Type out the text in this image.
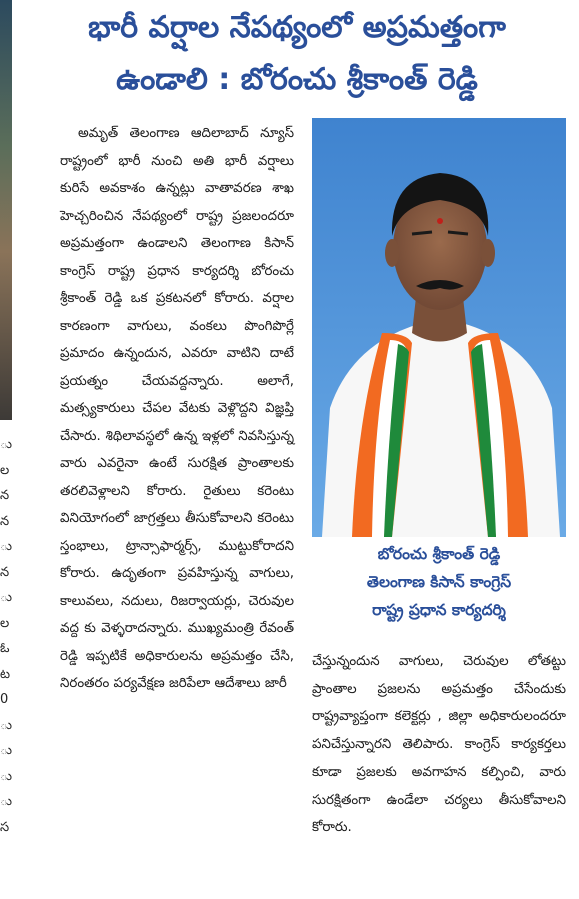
ు
ల
న
న
ు
న
ు
ల
ఓ
ట
0
ు
ు
ు
ు
స
భారీ వర్షాల నేపథ్యంలో అప్రమత్తంగా
ఉండాలి : బోరంచు శ్రీకాంత్ రెడ్డి

అమృత్ తెలంగాణ ఆదిలాబాద్ న్యూస్ రాష్ట్రంలో భారీ నుంచి అతి భారీ వర్షాలు కురిసే అవకాశం ఉన్నట్లు వాతావరణ శాఖ హెచ్చరించిన నేపథ్యంలో రాష్ట్ర ప్రజలందరూ అప్రమత్తంగా ఉండాలని తెలంగాణ కిసాన్ కాంగ్రెస్ రాష్ట్ర ప్రధాన కార్యదర్శి బోరంచు శ్రీకాంత్ రెడ్డి ఒక ప్రకటనలో కోరారు. వర్షాల కారణంగా వాగులు, వంకలు పొంగిపొర్లే ప్రమాదం ఉన్నందున, ఎవరూ వాటిని దాటే ప్రయత్నం చేయవద్దన్నారు. అలాగే, మత్స్యకారులు చేపల వేటకు వెళ్లొద్దని విజ్ఞప్తి చేసారు. శిథిలావస్థలో ఉన్న ఇళ్లలో నివసిస్తున్న వారు ఎవరైనా ఉంటే సురక్షిత ప్రాంతాలకు తరలివెళ్లాలని కోరారు. రైతులు కరెంటు వినియోగంలో జాగ్రత్తలు తీసుకోవాలని కరెంటు స్తంభాలు, ట్రాన్సాఫార్మర్స్, ముట్టుకోరాదని కోరారు. ఉదృతంగా ప్రవహిస్తున్న వాగులు, కాలువలు, నదులు, రిజర్వాయర్లు, చెరువుల వద్ద కు వెళ్ళరాదన్నారు. ముఖ్యమంత్రి రేవంత్ రెడ్డి ఇప్పటికే అధికారులను అప్రమత్తం చేసి, నిరంతరం పర్యవేక్షణ జరిపేలా ఆదేశాలు జారీ

బోరంచు శ్రీకాంత్ రెడ్డి
తెలంగాణ కిసాన్ కాంగ్రెస్
రాష్ట్ర ప్రధాన కార్యదర్శి

చేస్తున్నందున వాగులు, చెరువుల లోతట్టు ప్రాంతాల ప్రజలను అప్రమత్తం చేసేందుకు రాష్ట్రవ్యాప్తంగా కలెక్టర్లు , జిల్లా అధికారులందరూ పనిచేస్తున్నారని తెలిపారు. కాంగ్రెస్ కార్యకర్తలు కూడా ప్రజలకు అవగాహన కల్పించి, వారు సురక్షితంగా ఉండేలా చర్యలు తీసుకోవాలని కోరారు.
